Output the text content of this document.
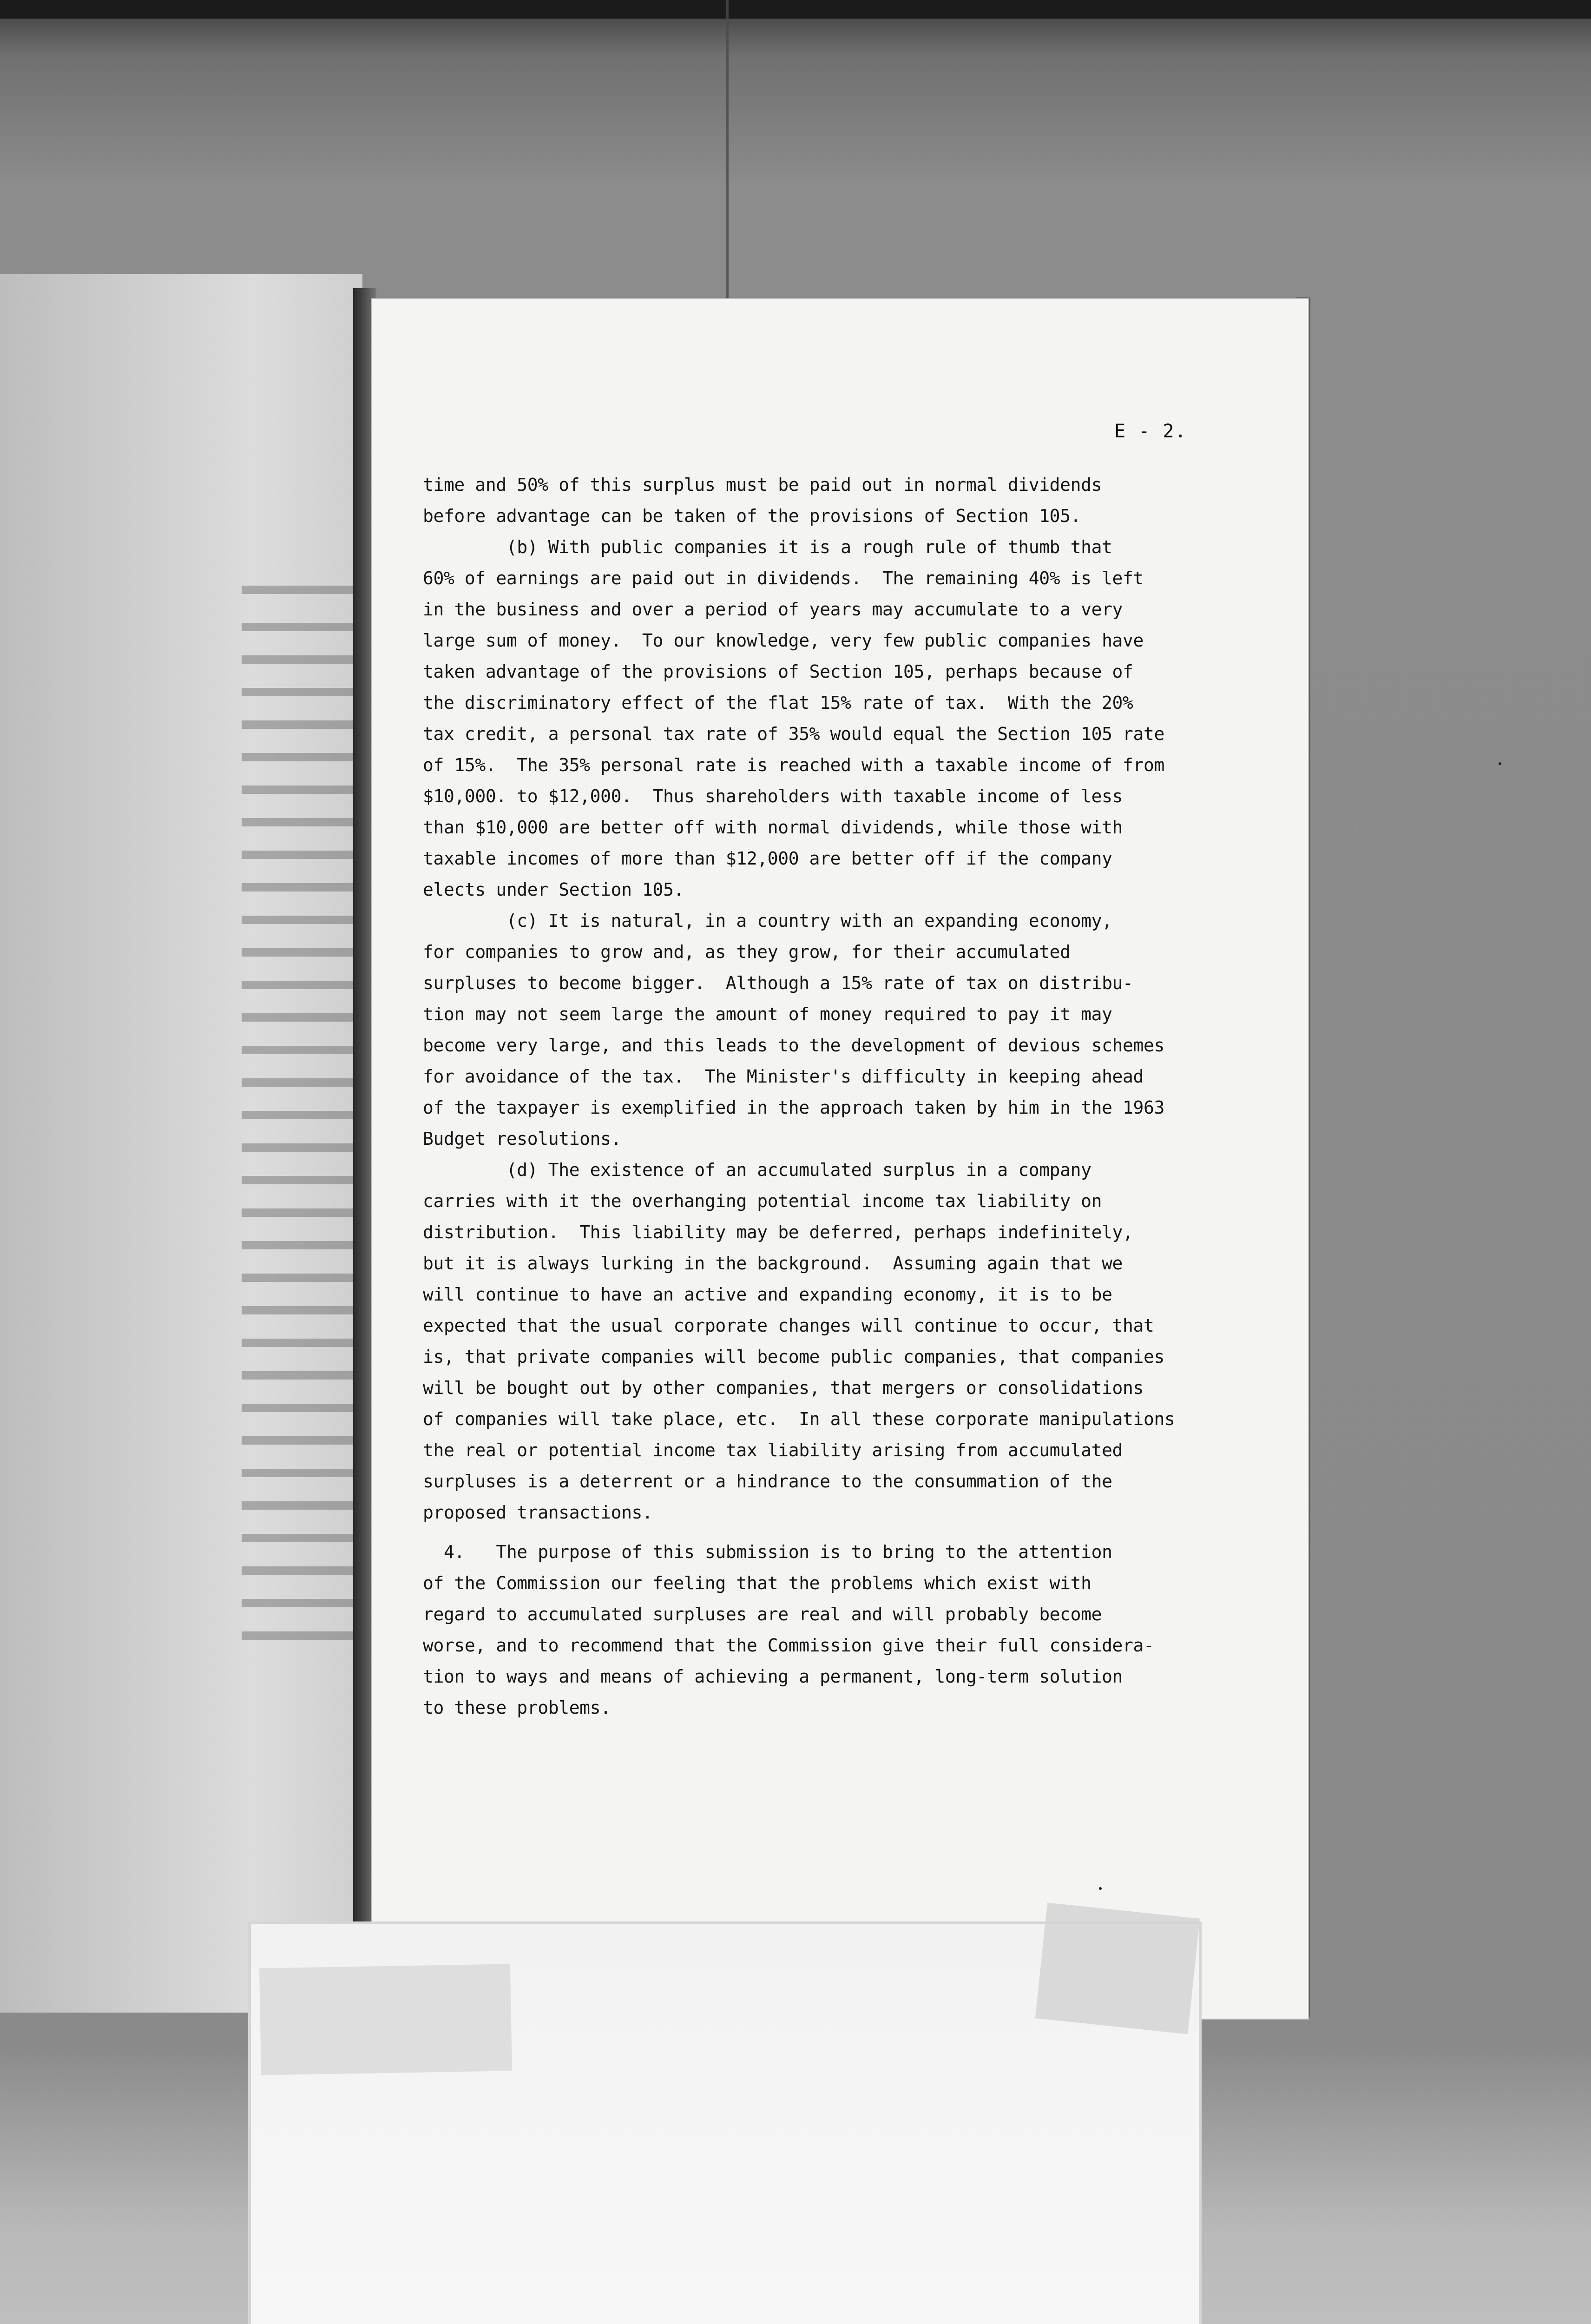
E - 2.
time and 50% of this surplus must be paid out in normal dividends
before advantage can be taken of the provisions of Section 105.
(b) With public companies it is a rough rule of thumb that
60% of earnings are paid out in dividends.  The remaining 40% is left
in the business and over a period of years may accumulate to a very
large sum of money.  To our knowledge, very few public companies have
taken advantage of the provisions of Section 105, perhaps because of
the discriminatory effect of the flat 15% rate of tax.  With the 20%
tax credit, a personal tax rate of 35% would equal the Section 105 rate
of 15%.  The 35% personal rate is reached with a taxable income of from
$10,000. to $12,000.  Thus shareholders with taxable income of less
than $10,000 are better off with normal dividends, while those with
taxable incomes of more than $12,000 are better off if the company
elects under Section 105.
(c) It is natural, in a country with an expanding economy,
for companies to grow and, as they grow, for their accumulated
surpluses to become bigger.  Although a 15% rate of tax on distribu-
tion may not seem large the amount of money required to pay it may
become very large, and this leads to the development of devious schemes
for avoidance of the tax.  The Minister's difficulty in keeping ahead
of the taxpayer is exemplified in the approach taken by him in the 1963
Budget resolutions.
(d) The existence of an accumulated surplus in a company
carries with it the overhanging potential income tax liability on
distribution.  This liability may be deferred, perhaps indefinitely,
but it is always lurking in the background.  Assuming again that we
will continue to have an active and expanding economy, it is to be
expected that the usual corporate changes will continue to occur, that
is, that private companies will become public companies, that companies
will be bought out by other companies, that mergers or consolidations
of companies will take place, etc.  In all these corporate manipulations
the real or potential income tax liability arising from accumulated
surpluses is a deterrent or a hindrance to the consummation of the
proposed transactions.
4.   The purpose of this submission is to bring to the attention
of the Commission our feeling that the problems which exist with
regard to accumulated surpluses are real and will probably become
worse, and to recommend that the Commission give their full considera-
tion to ways and means of achieving a permanent, long-term solution
to these problems.
